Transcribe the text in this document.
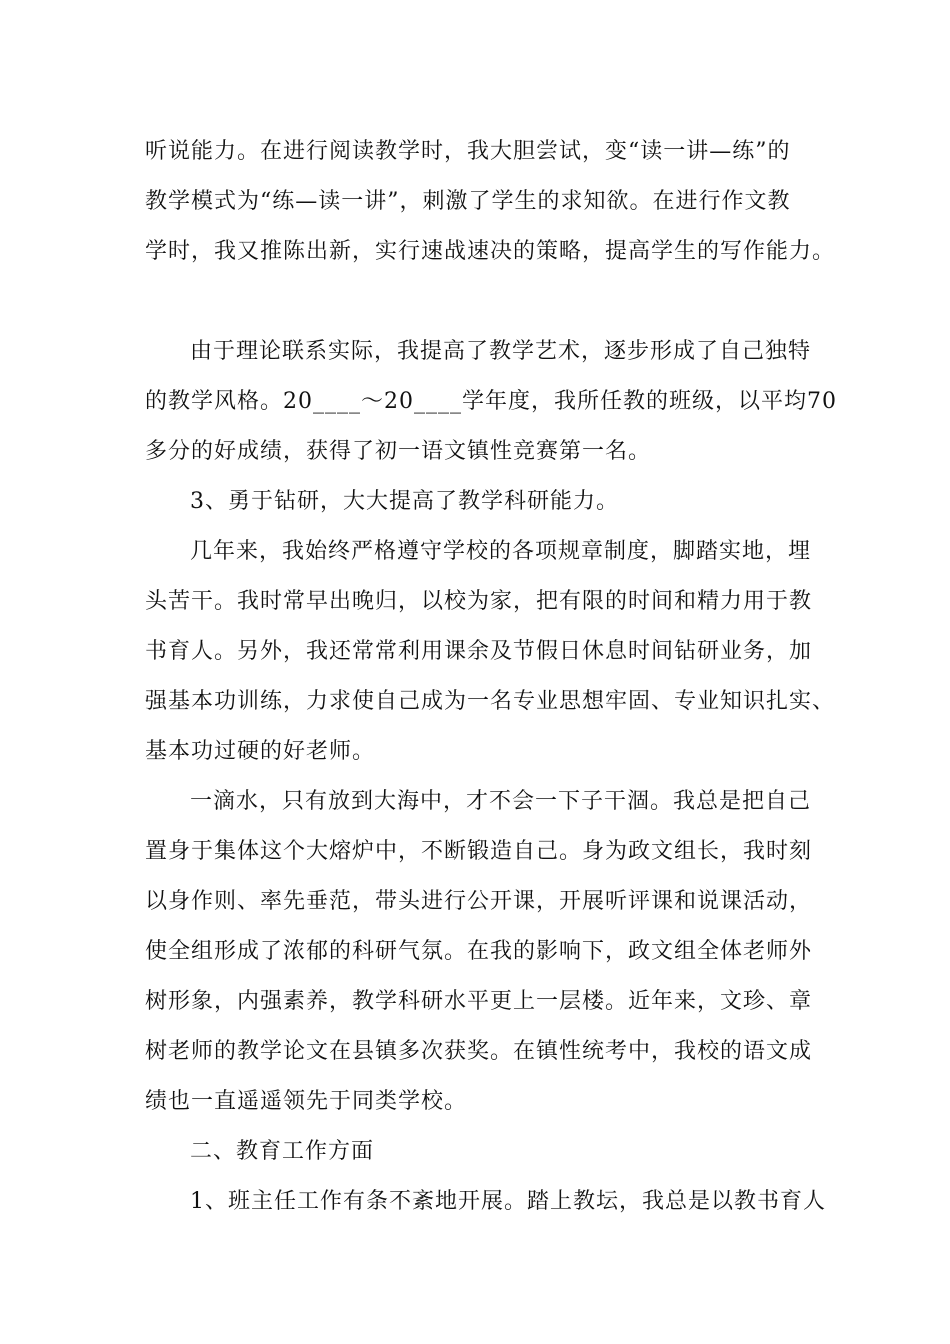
听说能力。在进行阅读教学时，我大胆尝试，变“读一讲—练”的
教学模式为“练—读一讲”，刺激了学生的求知欲。在进行作文教
学时，我又推陈出新，实行速战速决的策略，提高学生的写作能力。
由于理论联系实际，我提高了教学艺术，逐步形成了自己独特
的教学风格。20____～20____学年度，我所任教的班级，以平均70
多分的好成绩，获得了初一语文镇性竞赛第一名。
3、勇于钻研，大大提高了教学科研能力。
几年来，我始终严格遵守学校的各项规章制度，脚踏实地，埋
头苦干。我时常早出晚归，以校为家，把有限的时间和精力用于教
书育人。另外，我还常常利用课余及节假日休息时间钻研业务，加
强基本功训练，力求使自己成为一名专业思想牢固、专业知识扎实、
基本功过硬的好老师。
一滴水，只有放到大海中，才不会一下子干涸。我总是把自己
置身于集体这个大熔炉中，不断锻造自己。身为政文组长，我时刻
以身作则、率先垂范，带头进行公开课，开展听评课和说课活动，
使全组形成了浓郁的科研气氛。在我的影响下，政文组全体老师外
树形象，内强素养，教学科研水平更上一层楼。近年来，文珍、章
树老师的教学论文在县镇多次获奖。在镇性统考中，我校的语文成
绩也一直遥遥领先于同类学校。
二、教育工作方面
1、班主任工作有条不紊地开展。踏上教坛，我总是以教书育人
